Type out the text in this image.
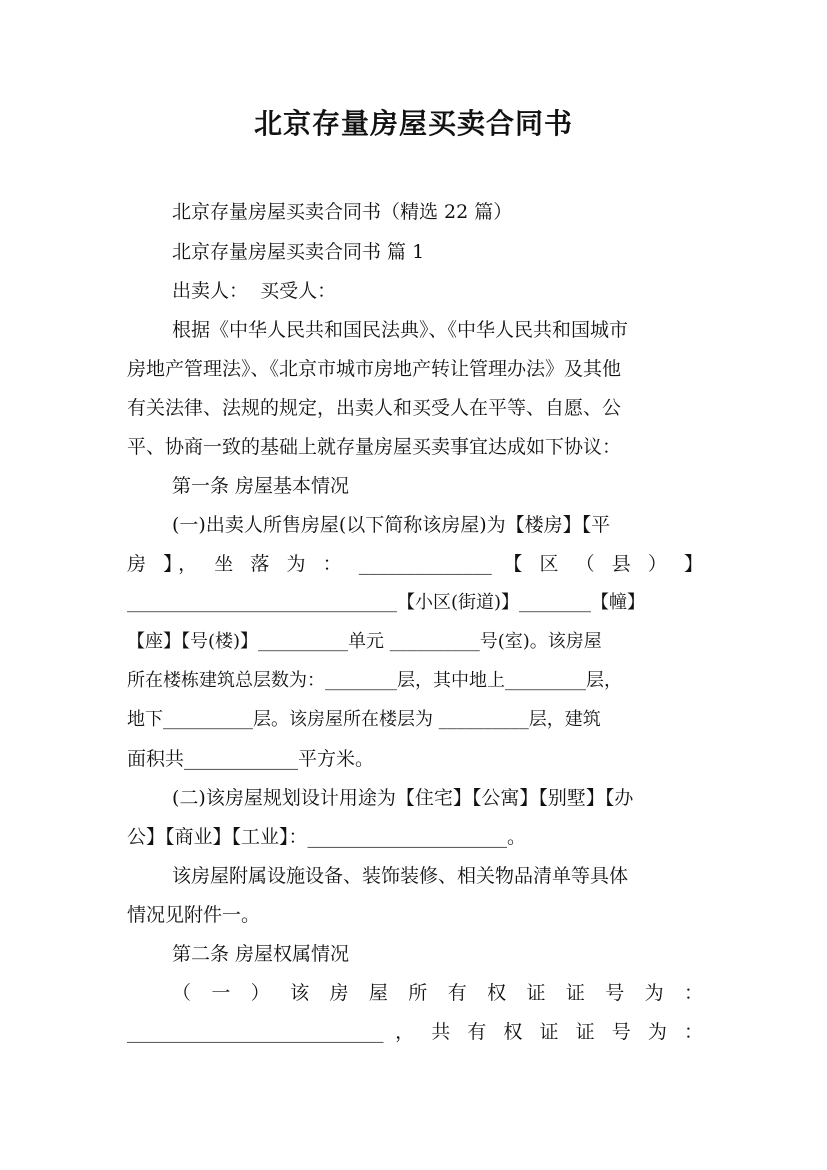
北京存量房屋买卖合同书
北京存量房屋买卖合同书（精选 22 篇）
北京存量房屋买卖合同书 篇 1
出卖人：  买受人：
根据《中华人民共和国民法典》、《中华人民共和国城市
房地产管理法》、《北京市城市房地产转让管理办法》及其他
有关法律、法规的规定，出卖人和买受人在平等、自愿、公
平、协商一致的基础上就存量房屋买卖事宜达成如下协议：
第一条 房屋基本情况
(一)出卖人所售房屋(以下简称该房屋)为【楼房】【平
房 】， 坐 落 为 ： ______________ 【 区 （ 县 ） 】
______________________________【小区(街道)】________【幢】
【座】【号(楼)】__________单元 __________号(室)。该房屋
所在楼栋建筑总层数为：________层，其中地上_________层，
地下__________层。该房屋所在楼层为 __________层，建筑
面积共____________平方米。
(二)该房屋规划设计用途为【住宅】【公寓】【别墅】【办
公】【商业】【工业】：_____________________。
该房屋附属设施设备、装饰装修、相关物品清单等具体
情况见附件一。
第二条 房屋权属情况
（ 一 ） 该 房 屋 所 有 权 证 证 号 为 ：
___________________________ ， 共 有 权 证 证 号 为 ：
